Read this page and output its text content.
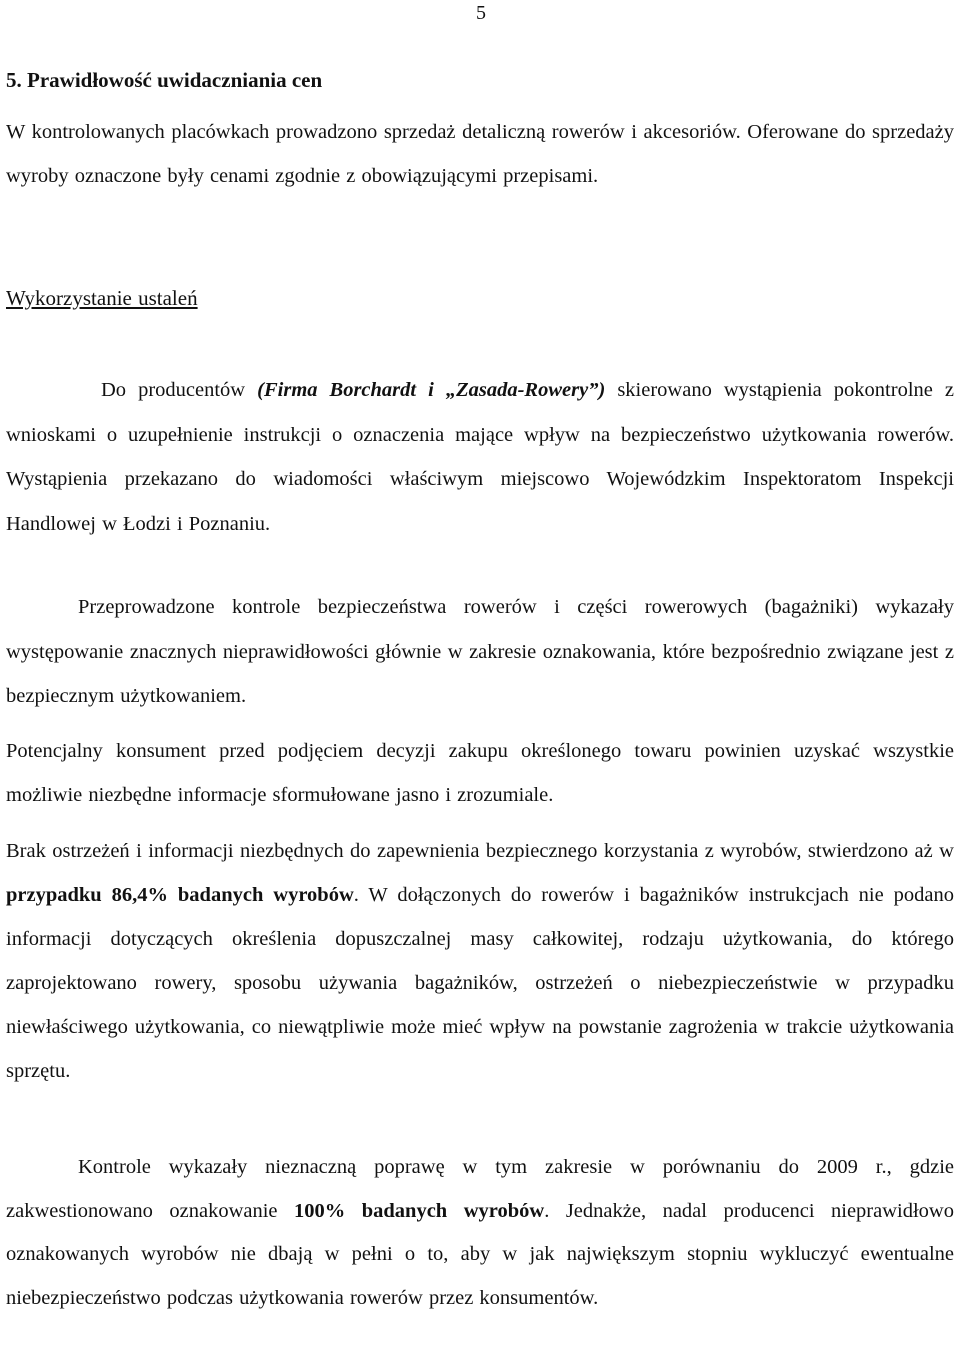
5
5. Prawidłowość uwidaczniania cen
W kontrolowanych placówkach prowadzono sprzedaż detaliczną rowerów i akcesoriów. Oferowane do sprzedaży wyroby oznaczone były cenami zgodnie z obowiązującymi przepisami.
Wykorzystanie ustaleń
Do producentów (Firma Borchardt i „Zasada-Rowery”) skierowano wystąpienia pokontrolne z wnioskami o uzupełnienie instrukcji o oznaczenia mające wpływ na bezpieczeństwo użytkowania rowerów. Wystąpienia przekazano do wiadomości właściwym miejscowo Wojewódzkim Inspektoratom Inspekcji Handlowej w Łodzi i Poznaniu.
Przeprowadzone kontrole bezpieczeństwa rowerów i części rowerowych (bagażniki) wykazały występowanie znacznych nieprawidłowości głównie w zakresie oznakowania, które bezpośrednio związane jest z bezpiecznym użytkowaniem.
Potencjalny konsument przed podjęciem decyzji zakupu określonego towaru powinien uzyskać wszystkie możliwie niezbędne informacje sformułowane jasno i zrozumiale.
Brak ostrzeżeń i informacji niezbędnych do zapewnienia bezpiecznego korzystania z wyrobów, stwierdzono aż w przypadku 86,4% badanych wyrobów. W dołączonych do rowerów i bagażników instrukcjach nie podano informacji dotyczących określenia dopuszczalnej masy całkowitej, rodzaju użytkowania, do którego zaprojektowano rowery, sposobu używania bagażników, ostrzeżeń o niebezpieczeństwie w przypadku niewłaściwego użytkowania, co niewątpliwie może mieć wpływ na powstanie zagrożenia w trakcie użytkowania sprzętu.
Kontrole wykazały nieznaczną poprawę w tym zakresie w porównaniu do 2009 r., gdzie zakwestionowano oznakowanie 100% badanych wyrobów. Jednakże, nadal producenci nieprawidłowo oznakowanych wyrobów nie dbają w pełni o to, aby w jak największym stopniu wykluczyć ewentualne niebezpieczeństwo podczas użytkowania rowerów przez konsumentów.
